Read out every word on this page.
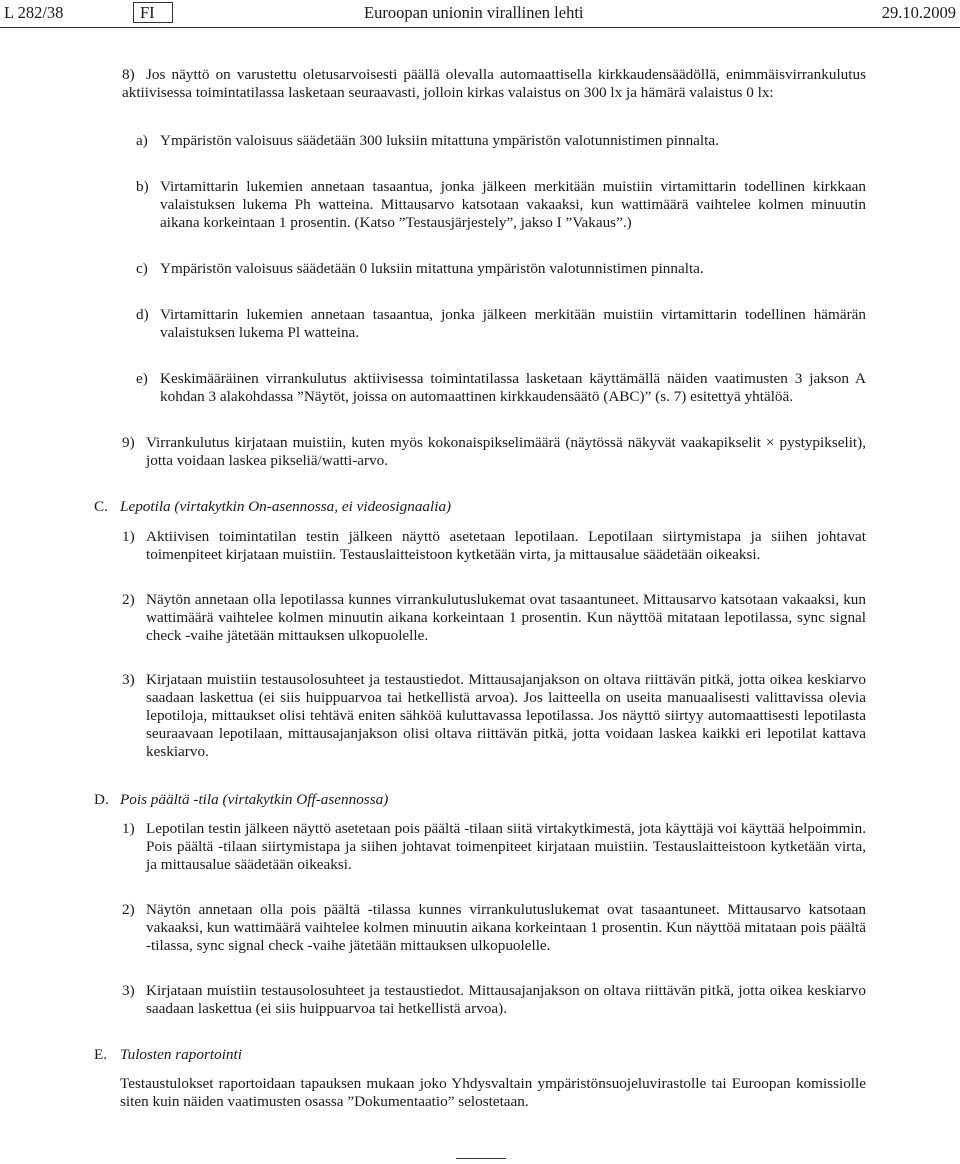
L 282/38	FI	Euroopan unionin virallinen lehti	29.10.2009
8) Jos näyttö on varustettu oletusarvoisesti päällä olevalla automaattisella kirkkaudensäädöllä, enimmäisvirrankulutus aktiivisessa toimintatilassa lasketaan seuraavasti, jolloin kirkas valaistus on 300 lx ja hämärä valaistus 0 lx:

a) Ympäristön valoisuus säädetään 300 luksiin mitattuna ympäristön valotunnistimen pinnalta.

b) Virtamittarin lukemien annetaan tasaantua, jonka jälkeen merkitään muistiin virtamittarin todellinen kirkkaan valaistuksen lukema Ph watteina. Mittausarvo katsotaan vakaaksi, kun wattimäärä vaihtelee kolmen minuutin aikana korkeintaan 1 prosentin. (Katso ”Testausjärjestely”, jakso I ”Vakaus”.)

c) Ympäristön valoisuus säädetään 0 luksiin mitattuna ympäristön valotunnistimen pinnalta.

d) Virtamittarin lukemien annetaan tasaantua, jonka jälkeen merkitään muistiin virtamittarin todellinen hämärän valaistuksen lukema Pl watteina.

e) Keskimääräinen virrankulutus aktiivisessa toimintatilassa lasketaan käyttämällä näiden vaatimusten 3 jakson A kohdan 3 alakohdassa ”Näytöt, joissa on automaattinen kirkkaudensäätö (ABC)” (s. 7) esitettyä yhtälöä.

9) Virrankulutus kirjataan muistiin, kuten myös kokonaispikselimäärä (näytössä näkyvät vaakapikselit × pystypikselit), jotta voidaan laskea pikseliä/watti-arvo.

C. Lepotila (virtakytkin On-asennossa, ei videosignaalia)

1) Aktiivisen toimintatilan testin jälkeen näyttö asetetaan lepotilaan. Lepotilaan siirtymistapa ja siihen johtavat toimenpiteet kirjataan muistiin. Testauslaitteistoon kytketään virta, ja mittausalue säädetään oikeaksi.

2) Näytön annetaan olla lepotilassa kunnes virrankulutuslukemat ovat tasaantuneet. Mittausarvo katsotaan vakaaksi, kun wattimäärä vaihtelee kolmen minuutin aikana korkeintaan 1 prosentin. Kun näyttöä mitataan lepotilassa, sync signal check -vaihe jätetään mittauksen ulkopuolelle.

3) Kirjataan muistiin testausolosuhteet ja testaustiedot. Mittausajanjakson on oltava riittävän pitkä, jotta oikea keskiarvo saadaan laskettua (ei siis huippuarvoa tai hetkellistä arvoa). Jos laitteella on useita manuaalisesti valittavissa olevia lepotiloja, mittaukset olisi tehtävä eniten sähköä kuluttavassa lepotilassa. Jos näyttö siirtyy automaattisesti lepotilasta seuraavaan lepotilaan, mittausajanjakson olisi oltava riittävän pitkä, jotta voidaan laskea kaikki eri lepotilat kattava keskiarvo.

D. Pois päältä -tila (virtakytkin Off-asennossa)

1) Lepotilan testin jälkeen näyttö asetetaan pois päältä -tilaan siitä virtakytkimestä, jota käyttäjä voi käyttää helpoimmin. Pois päältä -tilaan siirtymistapa ja siihen johtavat toimenpiteet kirjataan muistiin. Testauslaitteistoon kytketään virta, ja mittausalue säädetään oikeaksi.

2) Näytön annetaan olla pois päältä -tilassa kunnes virrankulutuslukemat ovat tasaantuneet. Mittausarvo katsotaan vakaaksi, kun wattimäärä vaihtelee kolmen minuutin aikana korkeintaan 1 prosentin. Kun näyttöä mitataan pois päältä -tilassa, sync signal check -vaihe jätetään mittauksen ulkopuolelle.

3) Kirjataan muistiin testausolosuhteet ja testaustiedot. Mittausajanjakson on oltava riittävän pitkä, jotta oikea keskiarvo saadaan laskettua (ei siis huippuarvoa tai hetkellistä arvoa).

E. Tulosten raportointi

Testaustulokset raportoidaan tapauksen mukaan joko Yhdysvaltain ympäristönsuojeluvirastolle tai Euroopan komissiolle siten kuin näiden vaatimusten osassa ”Dokumentaatio” selostetaan.
